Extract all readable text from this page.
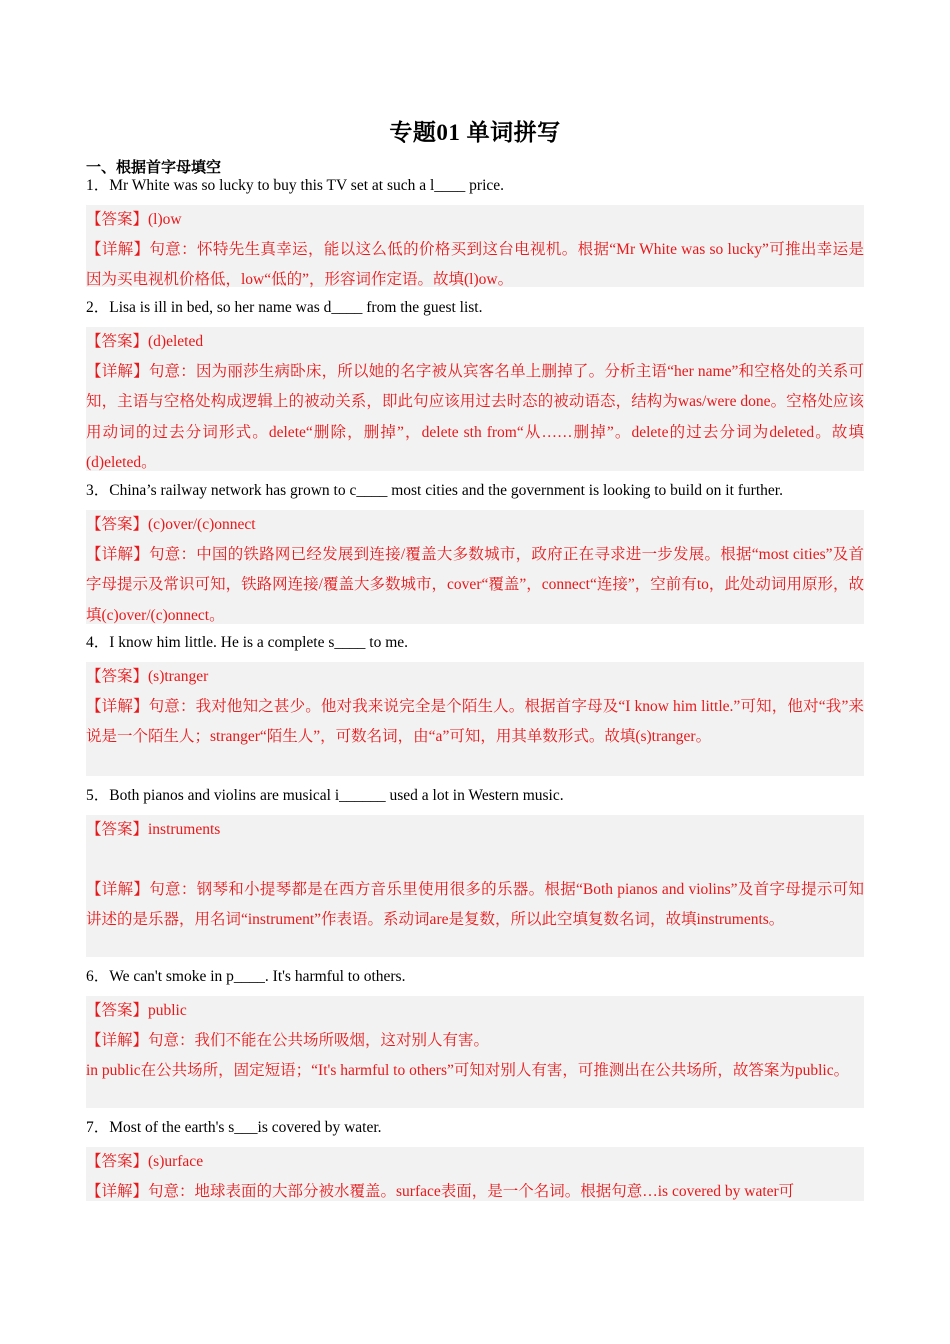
专题01 单词拼写
一、根据首字母填空
1．Mr White was so lucky to buy this TV set at such a l____ price.

【答案】(l)ow

【详解】句意：怀特先生真幸运，能以这么低的价格买到这台电视机。根据“Mr White was so lucky”可推出幸运是因为买电视机价格低，low“低的”，形容词作定语。故填(l)ow。

2．Lisa is ill in bed, so her name was d____ from the guest list.

【答案】(d)eleted

【详解】句意：因为丽莎生病卧床，所以她的名字被从宾客名单上删掉了。分析主语“her name”和空格处的关系可知，主语与空格处构成逻辑上的被动关系，即此句应该用过去时态的被动语态，结构为was/were done。空格处应该用动词的过去分词形式。delete“删除，删掉”，delete sth from“从……删掉”。delete的过去分词为deleted。故填(d)eleted。

3．China’s railway network has grown to c____ most cities and the government is looking to build on it further.

【答案】(c)over/(c)onnect

【详解】句意：中国的铁路网已经发展到连接/覆盖大多数城市，政府正在寻求进一步发展。根据“most cities”及首字母提示及常识可知，铁路网连接/覆盖大多数城市，cover“覆盖”，connect“连接”，空前有to，此处动词用原形，故填(c)over/(c)onnect。

4．I know him little. He is a complete s____ to me.

【答案】(s)tranger

【详解】句意：我对他知之甚少。他对我来说完全是个陌生人。根据首字母及“I know him little.”可知，他对“我”来说是一个陌生人；stranger“陌生人”，可数名词，由“a”可知，用其单数形式。故填(s)tranger。

5．Both pianos and violins are musical i______ used a lot in Western music.

【答案】instruments

【详解】句意：钢琴和小提琴都是在西方音乐里使用很多的乐器。根据“Both pianos and violins”及首字母提示可知讲述的是乐器，用名词“instrument”作表语。系动词are是复数，所以此空填复数名词，故填instruments。

6．We can't smoke in p____. It's harmful to others.

【答案】public

【详解】句意：我们不能在公共场所吸烟，这对别人有害。

in public在公共场所，固定短语；“It's harmful to others”可知对别人有害，可推测出在公共场所，故答案为public。

7．Most of the earth's s___is covered by water.

【答案】(s)urface

【详解】句意：地球表面的大部分被水覆盖。surface表面，是一个名词。根据句意…is covered by water可
